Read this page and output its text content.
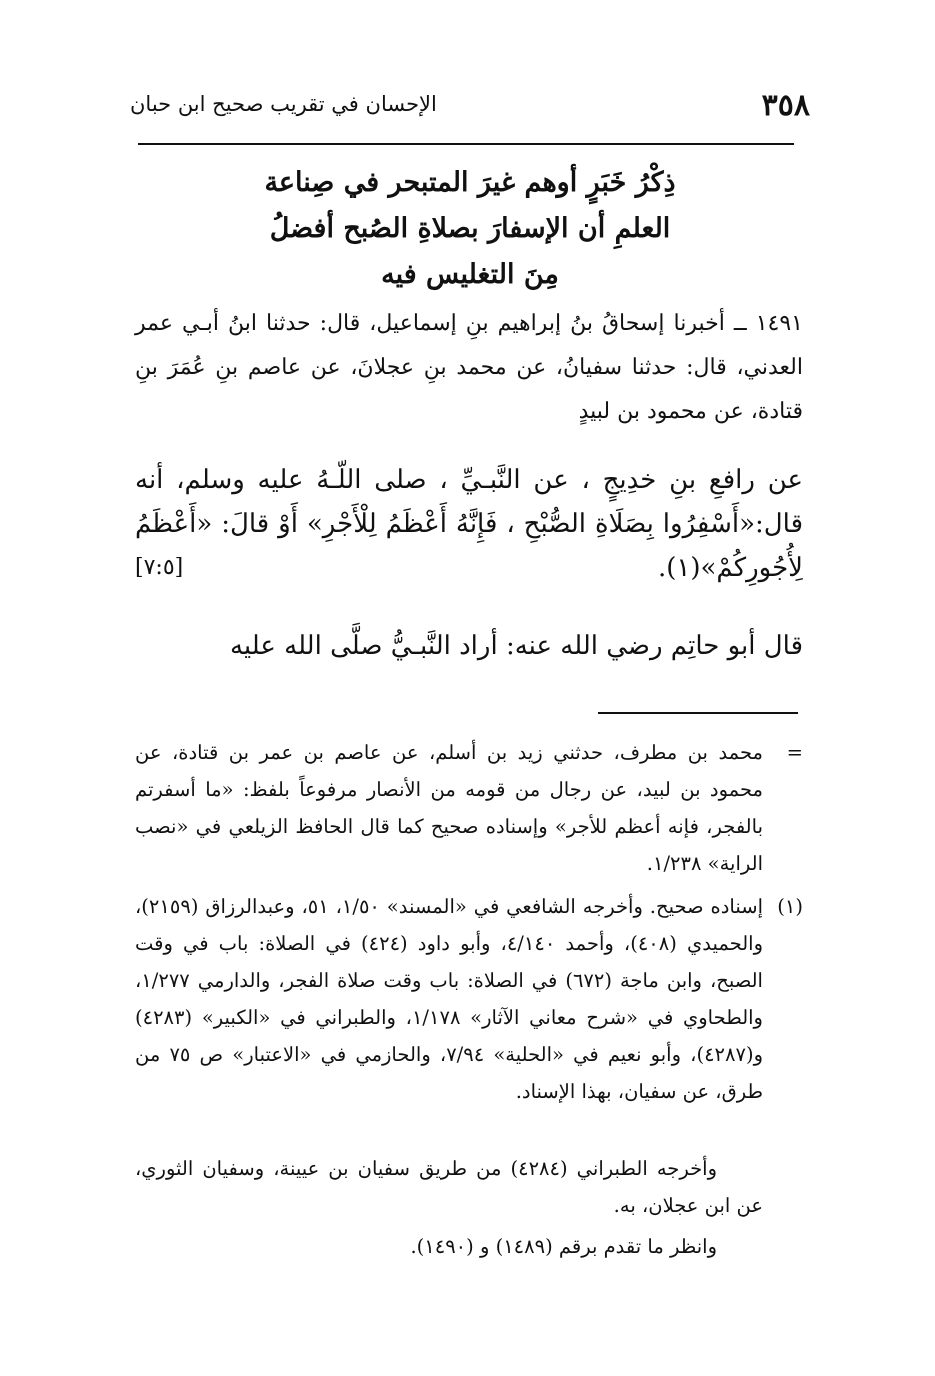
٣٥٨
الإحسان في تقريب صحيح ابن حبان
ذِكْرُ خَبَرٍ أوهم غيرَ المتبحر في صِناعة
العلمِ أن الإسفارَ بصلاةِ الصُبح أفضلُ
مِنَ التغليس فيه
١٤٩١ ــ أخبرنا إسحاقُ بنُ إبراهيم بنِ إسماعيل، قال: حدثنا ابنُ أبـي عمر العدني، قال: حدثنا سفيانُ، عن محمد بنِ عجلانَ، عن عاصم بنِ عُمَرَ بنِ قتادة، عن محمود بن لبيدٍ
عن رافعِ بنِ خدِيجٍ ، عن النَّبـيِّ ، صلى اللّـهُ عليه وسلم، أنه قال:«أَسْفِرُوا بِصَلَاةِ الصُّبْحِ ، فَإِنَّهُ أَعْظَمُ لِلْأَجْرِ» أَوْ قالَ: «أَعْظَمُ لِأُجُورِكُمْ»(١).
[٧:٥]
قال أبو حاتِم رضي الله عنه: أراد النَّبـيُّ صلَّى الله عليه
=
محمد بن مطرف، حدثني زيد بن أسلم، عن عاصم بن عمر بن قتادة، عن محمود بن لبيد، عن رجال من قومه من الأنصار مرفوعاً بلفظ: «ما أسفرتم بالفجر، فإنه أعظم للأجر» وإسناده صحيح كما قال الحافظ الزيلعي في «نصب الراية» ١/٢٣٨.
(١)
إسناده صحيح. وأخرجه الشافعي في «المسند» ١/٥٠، ٥١، وعبدالرزاق (٢١٥٩)، والحميدي (٤٠٨)، وأحمد ٤/١٤٠، وأبو داود (٤٢٤) في الصلاة: باب في وقت الصبح، وابن ماجة (٦٧٢) في الصلاة: باب وقت صلاة الفجر، والدارمي ١/٢٧٧، والطحاوي في «شرح معاني الآثار» ١/١٧٨، والطبراني في «الكبير» (٤٢٨٣) و(٤٢٨٧)، وأبو نعيم في «الحلية» ٧/٩٤، والحازمي في «الاعتبار» ص ٧٥ من طرق، عن سفيان، بهذا الإسناد.

وأخرجه الطبراني (٤٢٨٤) من طريق سفيان بن عيينة، وسفيان الثوري، عن ابن عجلان، به.

وانظر ما تقدم برقم (١٤٨٩) و (١٤٩٠).
